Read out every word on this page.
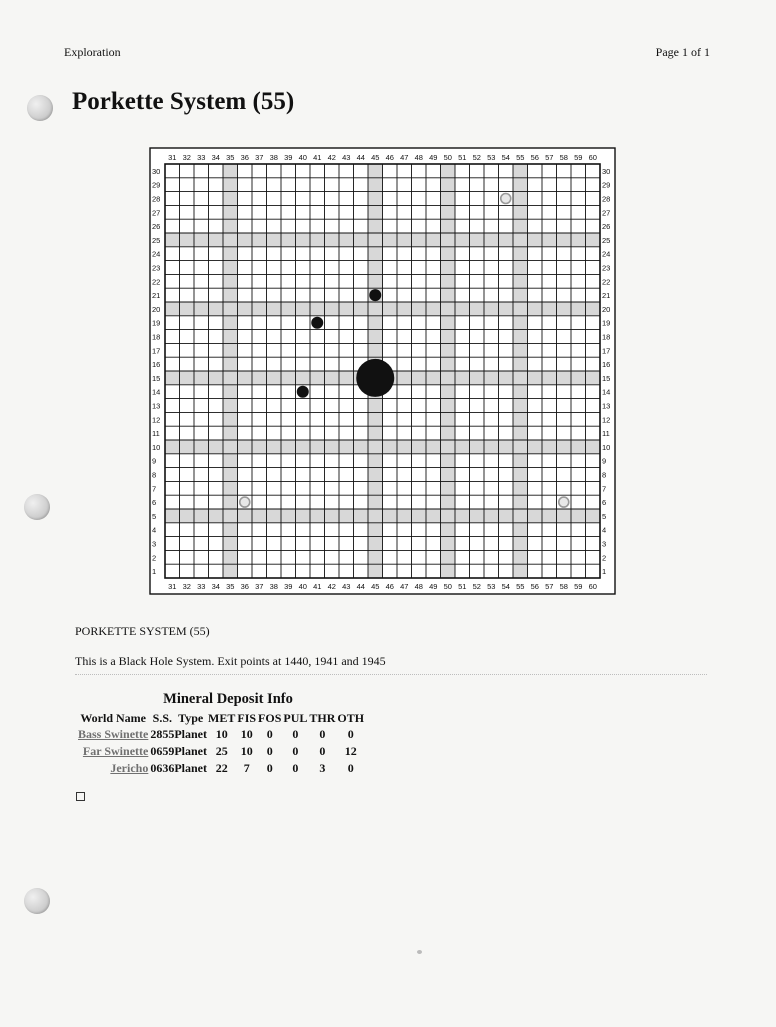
Exploration	Page 1 of 1
Porkette System (55)
31
31
32
32
33
33
34
34
35
35
36
36
37
37
38
38
39
39
40
40
41
41
42
42
43
43
44
44
45
45
46
46
47
47
48
48
49
49
50
50
51
51
52
52
53
53
54
54
55
55
56
56
57
57
58
58
59
59
60
60
30	30
29	29
28	28
27	27
26	26
25	25
24	24
23	23
22	22
21	21
20	20
19	19
18	18
17	17
16	16
15	15
14	14
13	13
12	12
11	11
10	10
9	9
8	8
7	7
6	6
5	5
4	4
3	3
2	2
1	1
PORKETTE SYSTEM (55)
This is a Black Hole System. Exit points at 1440, 1941 and 1945
Mineral Deposit Info
World Name	S.S.	Type	MET	FIS	FOS	PUL	THR	OTH
Bass Swinette	2855	Planet	10	10	0	0	0	0
Far Swinette	0659	Planet	25	10	0	0	0	12
Jericho	0636	Planet	22	7	0	0	3	0
